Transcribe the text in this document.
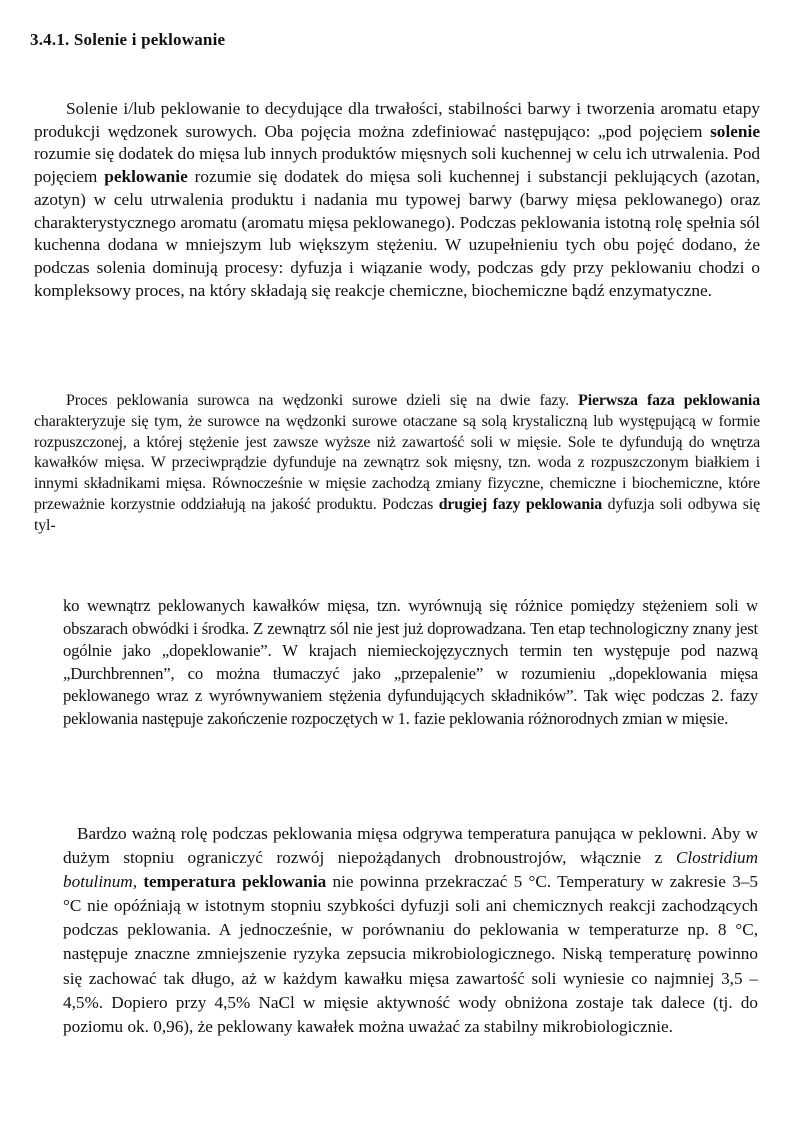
3.4.1. Solenie i peklowanie

Solenie i/lub peklowanie to decydujące dla trwałości, stabilności barwy i tworzenia aromatu etapy produkcji wędzonek surowych. Oba pojęcia można zdefiniować następująco: „pod pojęciem solenie rozumie się dodatek do mięsa lub innych produktów mięsnych soli kuchennej w celu ich utrwalenia. Pod pojęciem peklowanie rozumie się dodatek do mięsa soli kuchennej i substancji peklujących (azotan, azotyn) w celu utrwalenia produktu i nadania mu typowej barwy (barwy mięsa peklowanego) oraz charakterystycznego aromatu (aromatu mięsa peklowanego). Podczas peklowania istotną rolę spełnia sól kuchenna dodana w mniejszym lub większym stężeniu. W uzupełnieniu tych obu pojęć dodano, że podczas solenia dominują procesy: dyfuzja i wiązanie wody, podczas gdy przy peklowaniu chodzi o kompleksowy proces, na który składają się reakcje chemiczne, biochemiczne bądź enzymatyczne.

Proces peklowania surowca na wędzonki surowe dzieli się na dwie fazy. Pierwsza faza peklowania charakteryzuje się tym, że surowce na wędzonki surowe otaczane są solą krystaliczną lub występującą w formie rozpuszczonej, a której stężenie jest zawsze wyższe niż zawartość soli w mięsie. Sole te dyfundują do wnętrza kawałków mięsa. W przeciwprądzie dyfunduje na zewnątrz sok mięsny, tzn. woda z rozpuszczonym białkiem i innymi składnikami mięsa. Równocześnie w mięsie zachodzą zmiany fizyczne, chemiczne i biochemiczne, które przeważnie korzystnie oddziałują na jakość produktu. Podczas drugiej fazy peklowania dyfuzja soli odbywa się tyl-

ko wewnątrz peklowanych kawałków mięsa, tzn. wyrównują się różnice pomiędzy stężeniem soli w obszarach obwódki i środka. Z zewnątrz sól nie jest już doprowadzana. Ten etap technologiczny znany jest ogólnie jako „dopeklowanie”. W krajach niemieckojęzycznych termin ten występuje pod nazwą „Durchbrennen”, co można tłumaczyć jako „przepalenie” w rozumieniu „dopeklowania mięsa peklowanego wraz z wyrównywaniem stężenia dyfundujących składników”. Tak więc podczas 2. fazy peklowania następuje zakończenie rozpoczętych w 1. fazie peklowania różnorodnych zmian w mięsie.

Bardzo ważną rolę podczas peklowania mięsa odgrywa temperatura panująca w peklowni. Aby w dużym stopniu ograniczyć rozwój niepożądanych drobnoustrojów, włącznie z Clostridium botulinum, temperatura peklowania nie powinna przekraczać 5 °C. Temperatury w zakresie 3–5 °C nie opóźniają w istotnym stopniu szybkości dyfuzji soli ani chemicznych reakcji zachodzących podczas peklowania. A jednocześnie, w porównaniu do peklowania w temperaturze np. 8 °C, następuje znaczne zmniejszenie ryzyka zepsucia mikrobiologicznego. Niską temperaturę powinno się zachować tak długo, aż w każdym kawałku mięsa zawartość soli wyniesie co najmniej 3,5 – 4,5%. Dopiero przy 4,5% NaCl w mięsie aktywność wody obniżona zostaje tak dalece (tj. do poziomu ok. 0,96), że peklowany kawałek można uważać za stabilny mikrobiologicznie.
